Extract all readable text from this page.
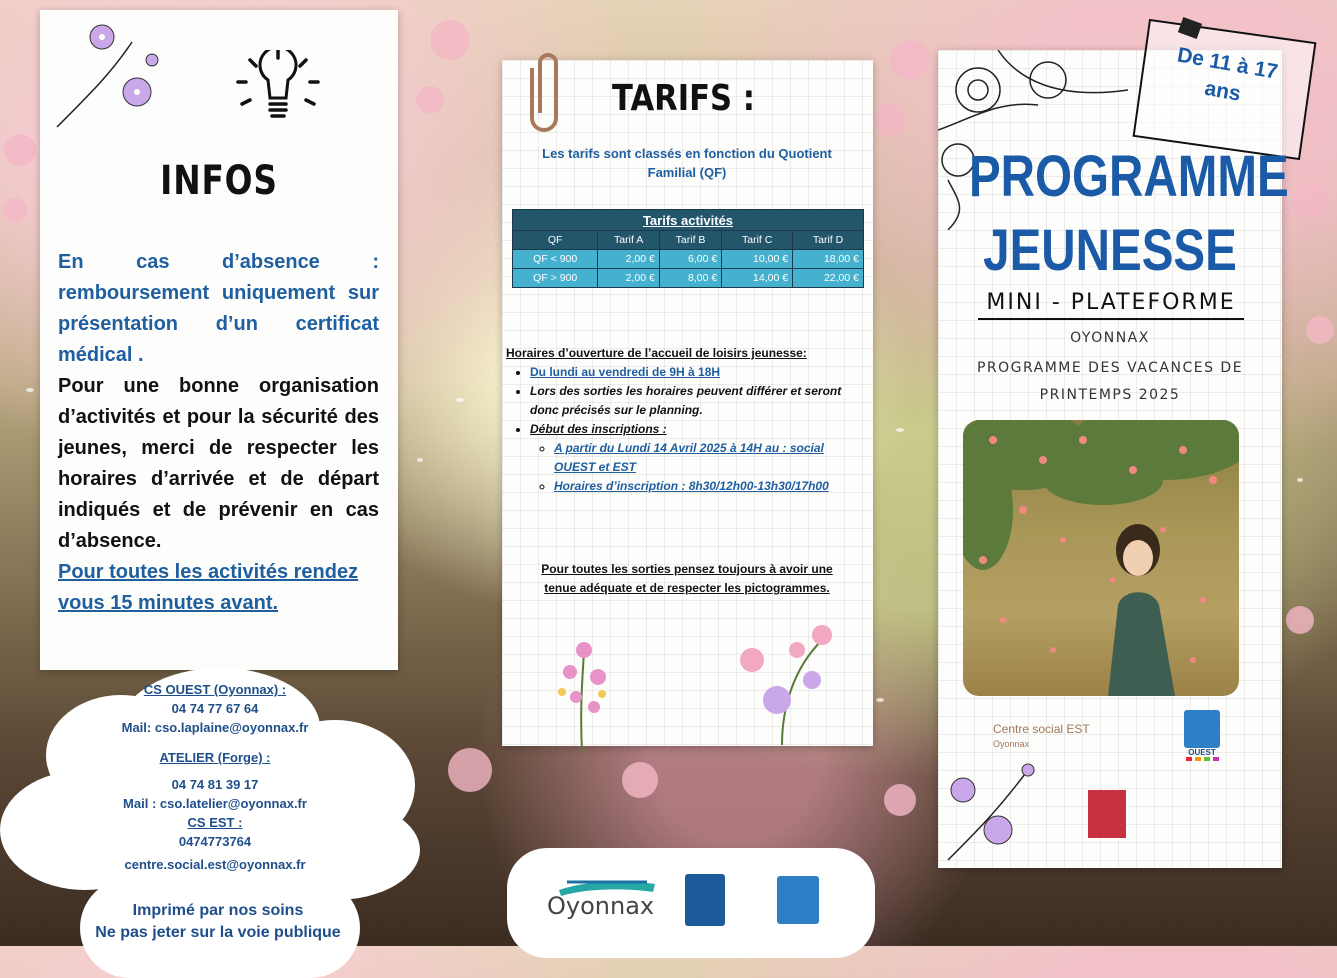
INFOS
En cas d’absence : remboursement uniquement sur présentation d’un certificat médical .
Pour une bonne organisation d’activités et pour la sécurité des jeunes, merci de respecter les horaires d’arrivée et de départ indiqués et de prévenir en cas d’absence.
Pour toutes les activités rendez vous 15 minutes avant.
CS OUEST (Oyonnax) :
04 74 77 67 64
Mail: cso.laplaine@oyonnax.fr
ATELIER (Forge) :
04 74 81 39 17
Mail : cso.latelier@oyonnax.fr
CS EST :
0474773764
centre.social.est@oyonnax.fr
Imprimé par nos soins
Ne pas jeter sur la voie publique
TARIFS :
Les tarifs sont classés en fonction du Quotient Familial (QF)
Tarifs activités				
QF	Tarif A	Tarif B	Tarif C	Tarif D
QF < 900	2,00 €	6,00 €	10,00 €	18,00 €
QF > 900	2,00 €	8,00 €	14,00 €	22,00 €
Horaires d’ouverture de l’accueil de loisirs jeunesse:
• Du lundi au vendredi de 9H à 18H
• Lors des sorties les horaires peuvent différer et seront donc précisés sur le planning.
• Début des inscriptions :
◦ A partir du Lundi 14 Avril 2025 à 14H au : social OUEST et EST
◦ Horaires d’inscription : 8h30/12h00-13h30/17h00
Pour toutes les sorties pensez toujours à avoir une tenue adéquate et de respecter les pictogrammes.
Oyonnax
De 11 à 17 ans
PROGRAMME
JEUNESSE
MINI - PLATEFORME
OYONNAX
PROGRAMME DES VACANCES DE
PRINTEMPS 2025
Centre social EST
Oyonnax
OUEST
